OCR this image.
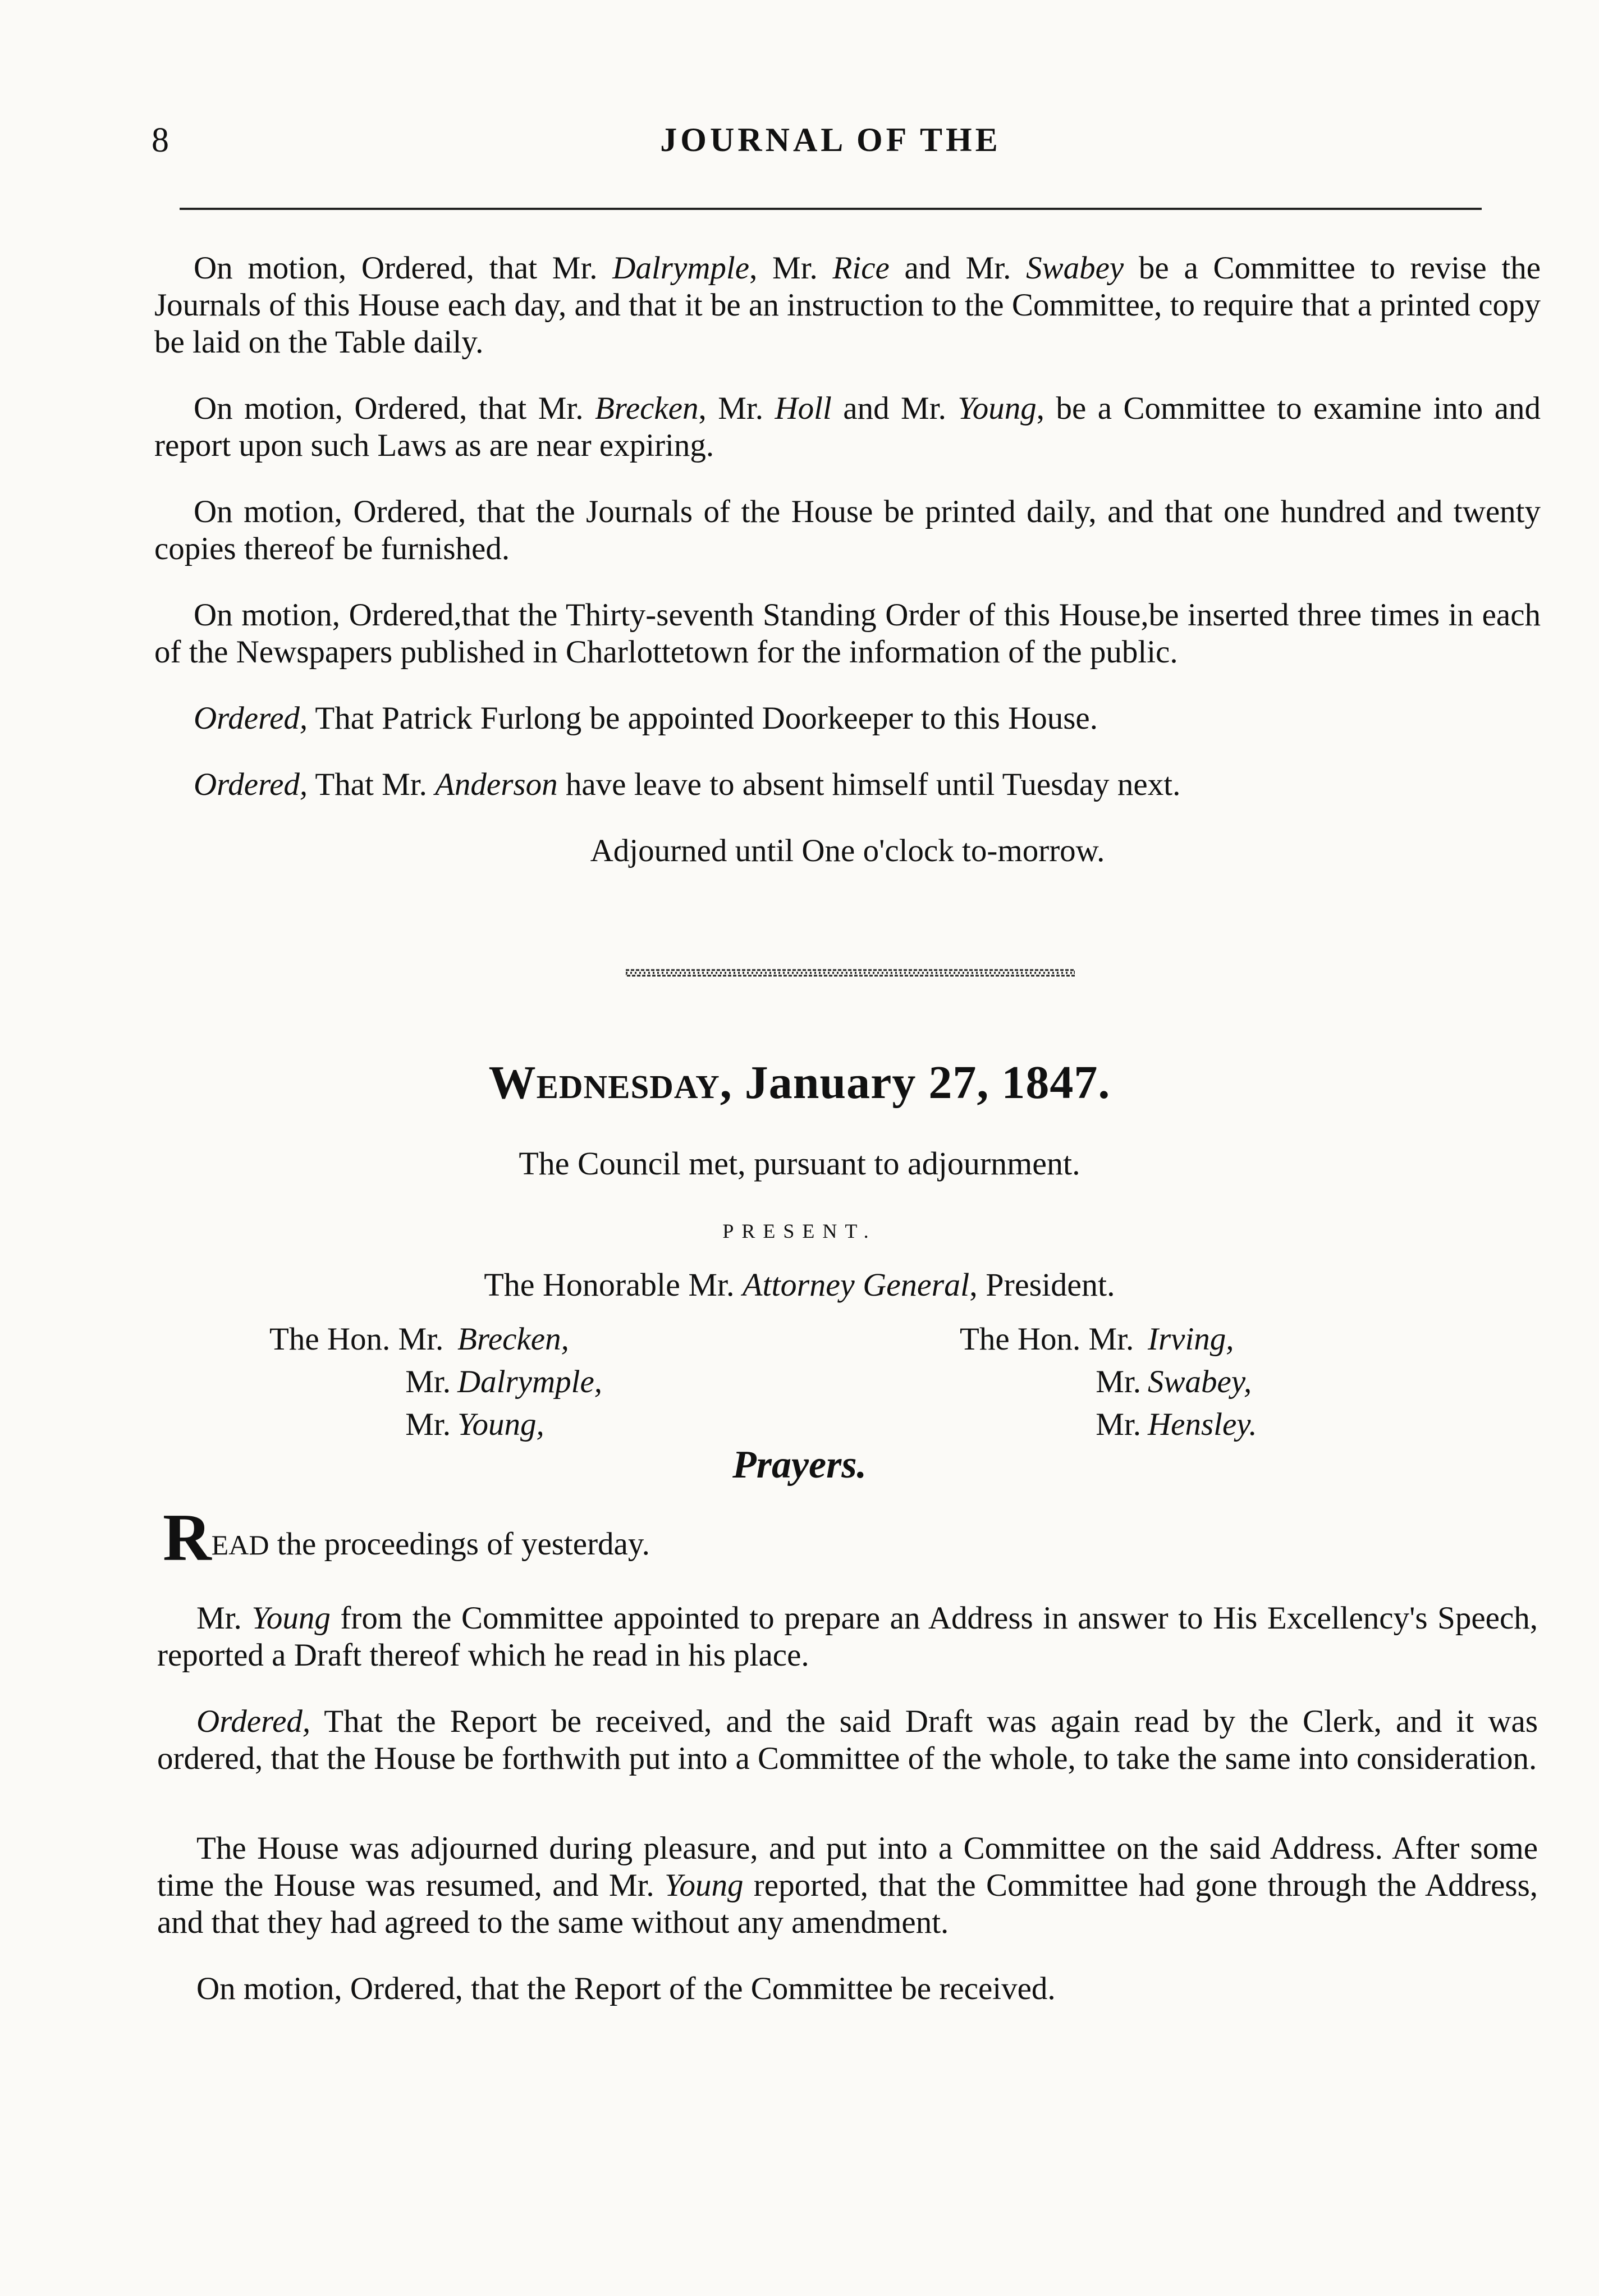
8	JOURNAL OF THE

On motion, Ordered, that Mr. Dalrymple, Mr. Rice and Mr. Swabey be a Committee to revise the Journals of this House each day, and that it be an instruction to the Committee, to require that a printed copy be laid on the Table daily.

On motion, Ordered, that Mr. Brecken, Mr. Holl and Mr. Young, be a Committee to examine into and report upon such Laws as are near expiring.

On motion, Ordered, that the Journals of the House be printed daily, and that one hundred and twenty copies thereof be furnished.

On motion, Ordered,that the Thirty-seventh Standing Order of this House,be inserted three times in each of the Newspapers published in Charlottetown for the information of the public.

Ordered, That Patrick Furlong be appointed Doorkeeper to this House.

Ordered, That Mr. Anderson have leave to absent himself until Tuesday next.

Adjourned until One o'clock to-morrow.

Wednesday, January 27, 1847.
The Council met, pursuant to adjournment.
PRESENT.
The Honorable Mr. Attorney General, President.
The Hon. Mr. Brecken,
Mr. Dalrymple,
Mr. Young,
The Hon. Mr. Irving,
Mr. Swabey,
Mr. Hensley.
Prayers.
READ the proceedings of yesterday.

Mr. Young from the Committee appointed to prepare an Address in answer to His Excellency's Speech, reported a Draft thereof which he read in his place.

Ordered, That the Report be received, and the said Draft was again read by the Clerk, and it was ordered, that the House be forthwith put into a Committee of the whole, to take the same into consideration.

The House was adjourned during pleasure, and put into a Committee on the said Address. After some time the House was resumed, and Mr. Young reported, that the Committee had gone through the Address, and that they had agreed to the same without any amendment.

On motion, Ordered, that the Report of the Committee be received.
